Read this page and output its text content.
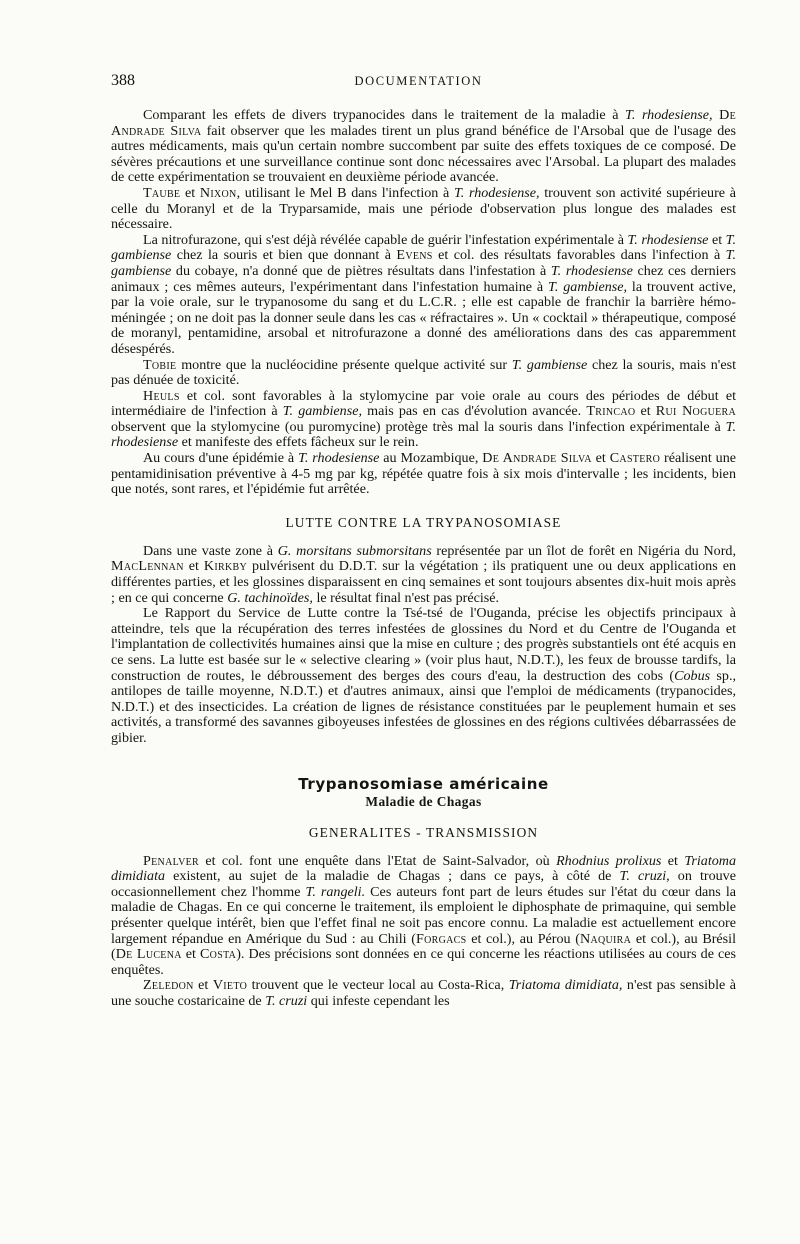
388	DOCUMENTATION

Comparant les effets de divers trypanocides dans le traitement de la maladie à T. rhodesiense, De Andrade Silva fait observer que les malades tirent un plus grand bénéfice de l'Arsobal que de l'usage des autres médicaments, mais qu'un certain nombre succombent par suite des effets toxiques de ce composé. De sévères précautions et une surveillance continue sont donc nécessaires avec l'Arsobal. La plupart des malades de cette expérimentation se trouvaient en deuxième période avancée.

Taube et Nixon, utilisant le Mel B dans l'infection à T. rhodesiense, trouvent son activité supérieure à celle du Moranyl et de la Tryparsamide, mais une période d'observation plus longue des malades est nécessaire.

La nitrofurazone, qui s'est déjà révélée capable de guérir l'infestation expérimentale à T. rhodesiense et T. gambiense chez la souris et bien que donnant à Evens et col. des résultats favorables dans l'infection à T. gambiense du cobaye, n'a donné que de piètres résultats dans l'infestation à T. rhodesiense chez ces derniers animaux ; ces mêmes auteurs, l'expérimentant dans l'infestation humaine à T. gambiense, la trouvent active, par la voie orale, sur le trypanosome du sang et du L.C.R. ; elle est capable de franchir la barrière hémo-méningée ; on ne doit pas la donner seule dans les cas « réfractaires ». Un « cocktail » thérapeutique, composé de moranyl, pentamidine, arsobal et nitrofurazone a donné des améliorations dans des cas apparemment désespérés.

Tobie montre que la nucléocidine présente quelque activité sur T. gambiense chez la souris, mais n'est pas dénuée de toxicité.

Heuls et col. sont favorables à la stylomycine par voie orale au cours des périodes de début et intermédiaire de l'infection à T. gambiense, mais pas en cas d'évolution avancée. Trincao et Rui Noguera observent que la stylomycine (ou puromycine) protège très mal la souris dans l'infection expérimentale à T. rhodesiense et manifeste des effets fâcheux sur le rein.

Au cours d'une épidémie à T. rhodesiense au Mozambique, De Andrade Silva et Castero réalisent une pentamidinisation préventive à 4-5 mg par kg, répétée quatre fois à six mois d'intervalle ; les incidents, bien que notés, sont rares, et l'épidémie fut arrêtée.

LUTTE CONTRE LA TRYPANOSOMIASE

Dans une vaste zone à G. morsitans submorsitans représentée par un îlot de forêt en Nigéria du Nord, MacLennan et Kirkby pulvérisent du D.D.T. sur la végétation ; ils pratiquent une ou deux applications en différentes parties, et les glossines disparaissent en cinq semaines et sont toujours absentes dix-huit mois après ; en ce qui concerne G. tachinoïdes, le résultat final n'est pas précisé.

Le Rapport du Service de Lutte contre la Tsé-tsé de l'Ouganda, précise les objectifs principaux à atteindre, tels que la récupération des terres infestées de glossines du Nord et du Centre de l'Ouganda et l'implantation de collectivités humaines ainsi que la mise en culture ; des progrès substantiels ont été acquis en ce sens. La lutte est basée sur le « selective clearing » (voir plus haut, N.D.T.), les feux de brousse tardifs, la construction de routes, le débroussement des berges des cours d'eau, la destruction des cobs (Cobus sp., antilopes de taille moyenne, N.D.T.) et d'autres animaux, ainsi que l'emploi de médicaments (trypanocides, N.D.T.) et des insecticides. La création de lignes de résistance constituées par le peuplement humain et ses activités, a transformé des savannes giboyeuses infestées de glossines en des régions cultivées débarrassées de gibier.

Trypanosomiase américaine
Maladie de Chagas
GENERALITES - TRANSMISSION

Penalver et col. font une enquête dans l'Etat de Saint-Salvador, où Rhodnius prolixus et Triatoma dimidiata existent, au sujet de la maladie de Chagas ; dans ce pays, à côté de T. cruzi, on trouve occasionnellement chez l'homme T. rangeli. Ces auteurs font part de leurs études sur l'état du cœur dans la maladie de Chagas. En ce qui concerne le traitement, ils emploient le diphosphate de primaquine, qui semble présenter quelque intérêt, bien que l'effet final ne soit pas encore connu. La maladie est actuellement encore largement répandue en Amérique du Sud : au Chili (Forgacs et col.), au Pérou (Naquira et col.), au Brésil (De Lucena et Costa). Des précisions sont données en ce qui concerne les réactions utilisées au cours de ces enquêtes.

Zeledon et Vieto trouvent que le vecteur local au Costa-Rica, Triatoma dimidiata, n'est pas sensible à une souche costaricaine de T. cruzi qui infeste cependant les
